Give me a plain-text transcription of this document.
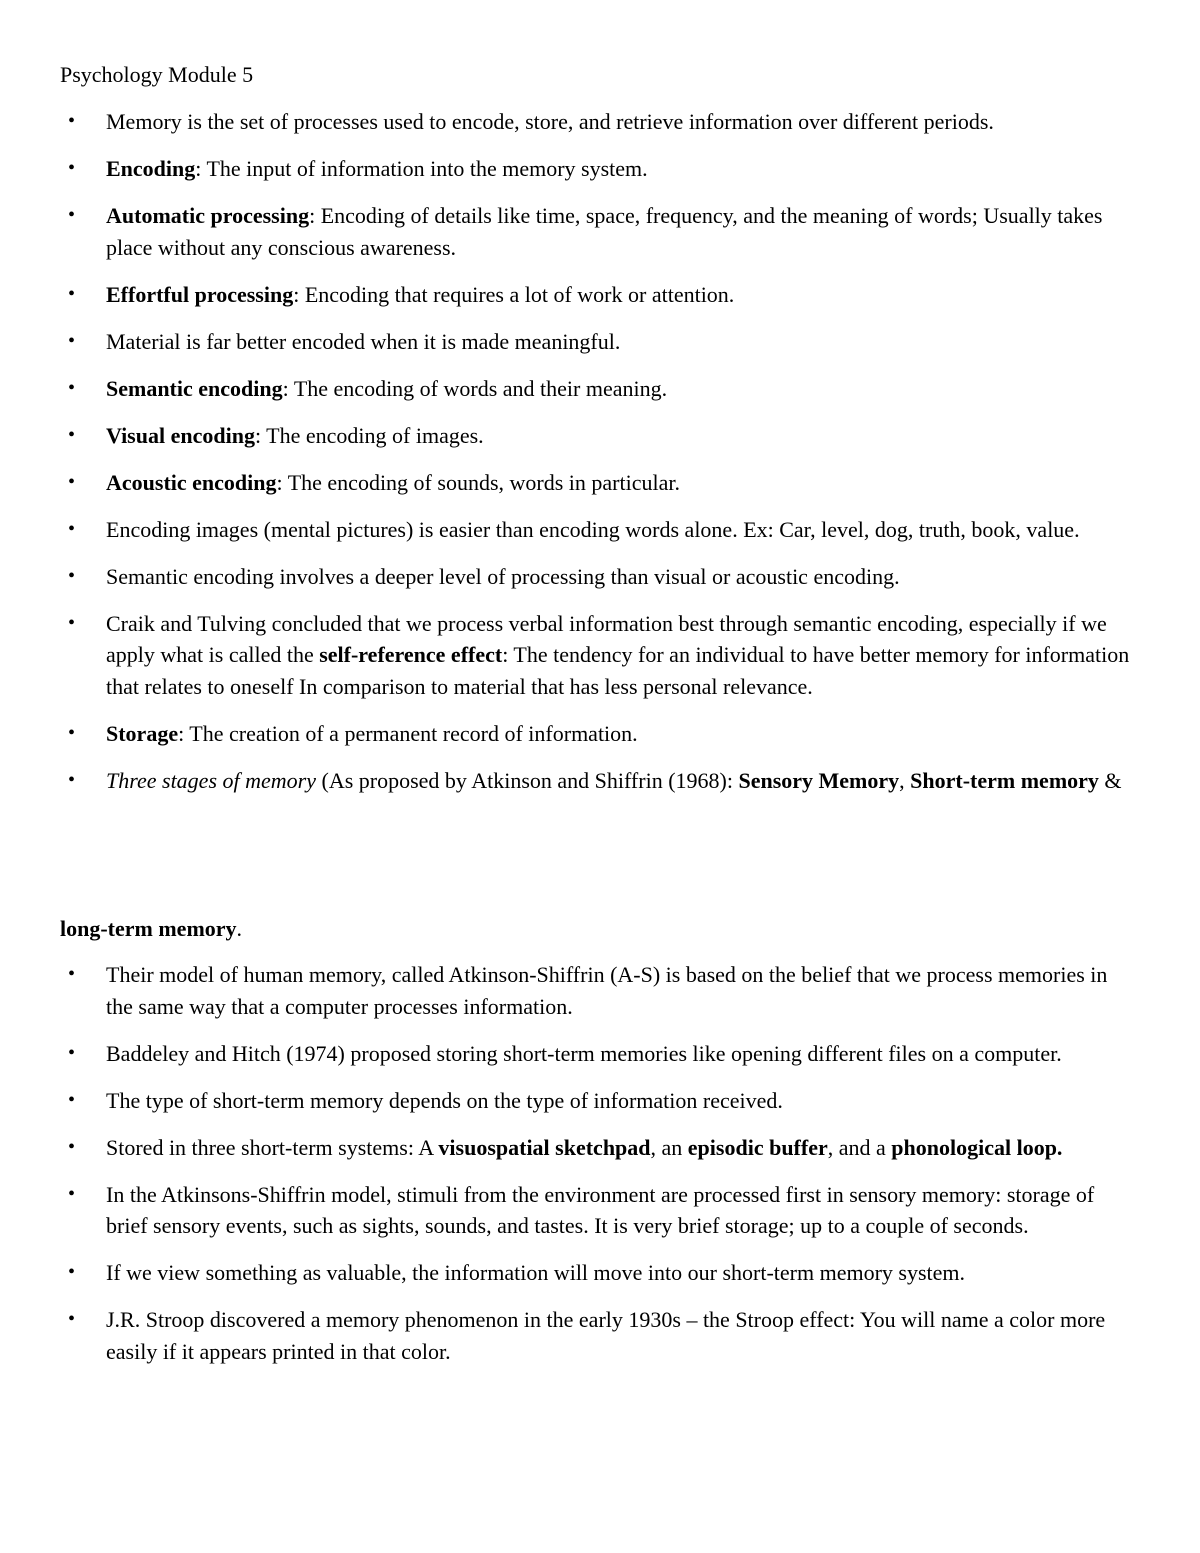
Psychology Module 5
• Memory is the set of processes used to encode, store, and retrieve information over different periods.
• Encoding: The input of information into the memory system.
• Automatic processing: Encoding of details like time, space, frequency, and the meaning of words; Usually takes place without any conscious awareness.
• Effortful processing: Encoding that requires a lot of work or attention.
• Material is far better encoded when it is made meaningful.
• Semantic encoding: The encoding of words and their meaning.
• Visual encoding: The encoding of images.
• Acoustic encoding: The encoding of sounds, words in particular.
• Encoding images (mental pictures) is easier than encoding words alone. Ex: Car, level, dog, truth, book, value.
• Semantic encoding involves a deeper level of processing than visual or acoustic encoding.
• Craik and Tulving concluded that we process verbal information best through semantic encoding, especially if we apply what is called the self-reference effect: The tendency for an individual to have better memory for information that relates to oneself In comparison to material that has less personal relevance.
• Storage: The creation of a permanent record of information.
• Three stages of memory (As proposed by Atkinson and Shiffrin (1968): Sensory Memory, Short-term memory &

long-term memory.

• Their model of human memory, called Atkinson-Shiffrin (A-S) is based on the belief that we process memories in the same way that a computer processes information.
• Baddeley and Hitch (1974) proposed storing short-term memories like opening different files on a computer.
• The type of short-term memory depends on the type of information received.
• Stored in three short-term systems: A visuospatial sketchpad, an episodic buffer, and a phonological loop.
• In the Atkinsons-Shiffrin model, stimuli from the environment are processed first in sensory memory: storage of brief sensory events, such as sights, sounds, and tastes. It is very brief storage; up to a couple of seconds.
• If we view something as valuable, the information will move into our short-term memory system.
• J.R. Stroop discovered a memory phenomenon in the early 1930s – the Stroop effect: You will name a color more easily if it appears printed in that color.
